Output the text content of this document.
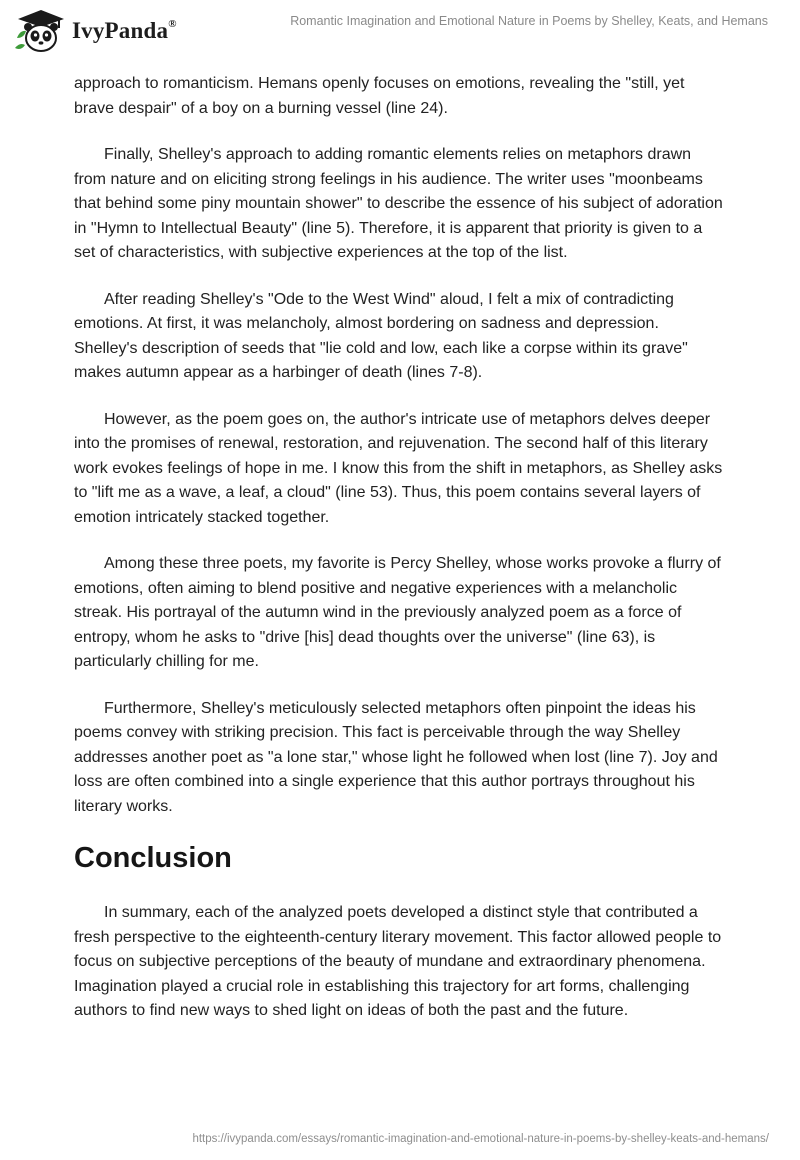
IvyPanda®	Romantic Imagination and Emotional Nature in Poems by Shelley, Keats, and Hemans

approach to romanticism. Hemans openly focuses on emotions, revealing the "still, yet brave despair" of a boy on a burning vessel (line 24).

Finally, Shelley's approach to adding romantic elements relies on metaphors drawn from nature and on eliciting strong feelings in his audience. The writer uses "moonbeams that behind some piny mountain shower" to describe the essence of his subject of adoration in "Hymn to Intellectual Beauty" (line 5). Therefore, it is apparent that priority is given to a set of characteristics, with subjective experiences at the top of the list.

After reading Shelley's "Ode to the West Wind" aloud, I felt a mix of contradicting emotions. At first, it was melancholy, almost bordering on sadness and depression. Shelley's description of seeds that "lie cold and low, each like a corpse within its grave" makes autumn appear as a harbinger of death (lines 7-8).

However, as the poem goes on, the author's intricate use of metaphors delves deeper into the promises of renewal, restoration, and rejuvenation. The second half of this literary work evokes feelings of hope in me. I know this from the shift in metaphors, as Shelley asks to "lift me as a wave, a leaf, a cloud" (line 53). Thus, this poem contains several layers of emotion intricately stacked together.

Among these three poets, my favorite is Percy Shelley, whose works provoke a flurry of emotions, often aiming to blend positive and negative experiences with a melancholic streak. His portrayal of the autumn wind in the previously analyzed poem as a force of entropy, whom he asks to "drive [his] dead thoughts over the universe" (line 63), is particularly chilling for me.

Furthermore, Shelley's meticulously selected metaphors often pinpoint the ideas his poems convey with striking precision. This fact is perceivable through the way Shelley addresses another poet as "a lone star," whose light he followed when lost (line 7). Joy and loss are often combined into a single experience that this author portrays throughout his literary works.

Conclusion

In summary, each of the analyzed poets developed a distinct style that contributed a fresh perspective to the eighteenth-century literary movement. This factor allowed people to focus on subjective perceptions of the beauty of mundane and extraordinary phenomena. Imagination played a crucial role in establishing this trajectory for art forms, challenging authors to find new ways to shed light on ideas of both the past and the future.

https://ivypanda.com/essays/romantic-imagination-and-emotional-nature-in-poems-by-shelley-keats-and-hemans/
